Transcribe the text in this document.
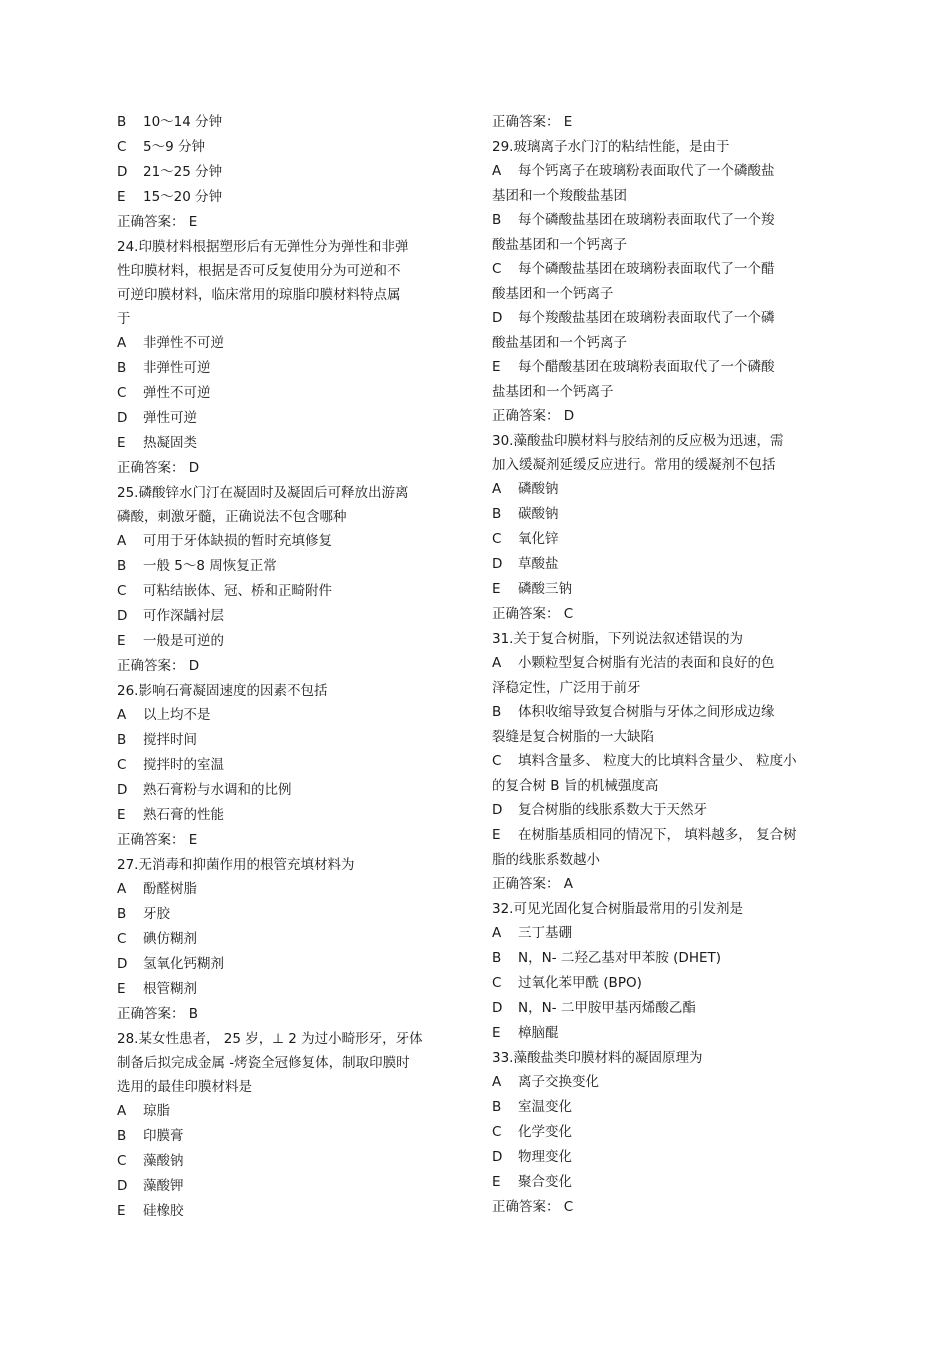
B 10～14 分钟
C 5～9 分钟
D 21～25 分钟
E 15～20 分钟
正确答案： E
24.印膜材料根据塑形后有无弹性分为弹性和非弹
性印膜材料，根据是否可反复使用分为可逆和不
可逆印膜材料，临床常用的琼脂印膜材料特点属
于
A 非弹性不可逆
B 非弹性可逆
C 弹性不可逆
D 弹性可逆
E 热凝固类
正确答案： D
25.磷酸锌水门汀在凝固时及凝固后可释放出游离
磷酸，刺激牙髓，正确说法不包含哪种
A 可用于牙体缺损的暂时充填修复
B 一般 5～8 周恢复正常
C 可粘结嵌体、冠、桥和正畸附件
D 可作深龋衬层
E 一般是可逆的
正确答案： D
26.影响石膏凝固速度的因素不包括
A 以上均不是
B 搅拌时间
C 搅拌时的室温
D 熟石膏粉与水调和的比例
E 熟石膏的性能
正确答案： E
27.无消毒和抑菌作用的根管充填材料为
A 酚醛树脂
B 牙胶
C 碘仿糊剂
D 氢氧化钙糊剂
E 根管糊剂
正确答案： B
28.某女性患者， 25 岁，⊥ 2 为过小畸形牙，牙体
制备后拟完成金属 -烤瓷全冠修复体，制取印膜时
选用的最佳印膜材料是
A 琼脂
B 印膜膏
C 藻酸钠
D 藻酸钾
E 硅橡胶
正确答案： E
29.玻璃离子水门汀的粘结性能，是由于
A 每个钙离子在玻璃粉表面取代了一个磷酸盐
基团和一个羧酸盐基团
B 每个磷酸盐基团在玻璃粉表面取代了一个羧
酸盐基团和一个钙离子
C 每个磷酸盐基团在玻璃粉表面取代了一个醋
酸基团和一个钙离子
D 每个羧酸盐基团在玻璃粉表面取代了一个磷
酸盐基团和一个钙离子
E 每个醋酸基团在玻璃粉表面取代了一个磷酸
盐基团和一个钙离子
正确答案： D
30.藻酸盐印膜材料与胶结剂的反应极为迅速，需
加入缓凝剂延缓反应进行。常用的缓凝剂不包括
A 磷酸钠
B 碳酸钠
C 氧化锌
D 草酸盐
E 磷酸三钠
正确答案： C
31.关于复合树脂，下列说法叙述错误的为
A 小颗粒型复合树脂有光洁的表面和良好的色
泽稳定性，广泛用于前牙
B 体积收缩导致复合树脂与牙体之间形成边缘
裂缝是复合树脂的一大缺陷
C 填料含量多、 粒度大的比填料含量少、 粒度小
的复合树 B 旨的机械强度高
D 复合树脂的线胀系数大于天然牙
E 在树脂基质相同的情况下， 填料越多， 复合树
脂的线胀系数越小
正确答案： A
32.可见光固化复合树脂最常用的引发剂是
A 三丁基硼
B N，N- 二羟乙基对甲苯胺 (DHET)
C 过氧化苯甲酰 (BPO)
D N，N- 二甲胺甲基丙烯酸乙酯
E 樟脑醌
33.藻酸盐类印膜材料的凝固原理为
A 离子交换变化
B 室温变化
C 化学变化
D 物理变化
E 聚合变化
正确答案： C
